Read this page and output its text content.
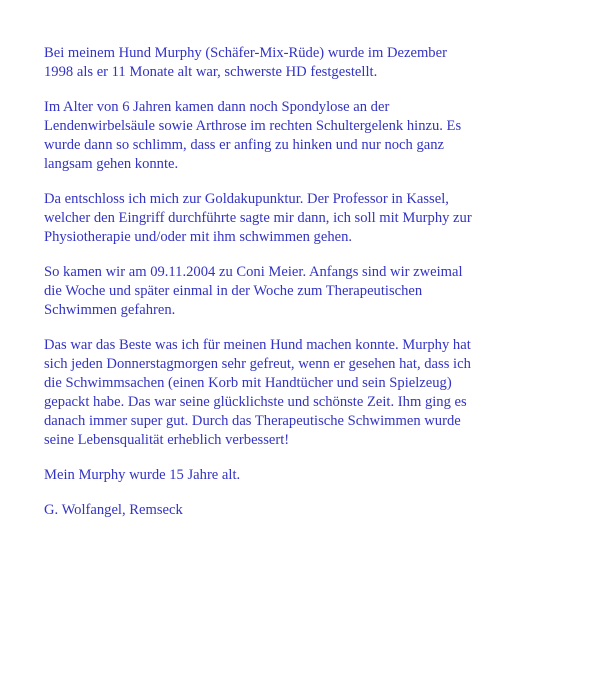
Bei meinem Hund Murphy (Schäfer-Mix-Rüde) wurde im Dezember
1998 als er 11 Monate alt war, schwerste HD festgestellt.

Im Alter von 6 Jahren kamen dann noch Spondylose an der
Lendenwirbelsäule sowie Arthrose im rechten Schultergelenk hinzu. Es
wurde dann so schlimm, dass er anfing zu hinken und nur noch ganz
langsam gehen konnte.

Da entschloss ich mich zur Goldakupunktur. Der Professor in Kassel,
welcher den Eingriff durchführte sagte mir dann, ich soll mit Murphy zur
Physiotherapie und/oder mit ihm schwimmen gehen.

So kamen wir am 09.11.2004 zu Coni Meier. Anfangs sind wir zweimal
die Woche und später einmal in der Woche zum Therapeutischen
Schwimmen gefahren.

Das war das Beste was ich für meinen Hund machen konnte. Murphy hat
sich jeden Donnerstagmorgen sehr gefreut, wenn er gesehen hat, dass ich
die Schwimmsachen (einen Korb mit Handtücher und sein Spielzeug)
gepackt habe. Das war seine glücklichste und schönste Zeit. Ihm ging es
danach immer super gut. Durch das Therapeutische Schwimmen wurde
seine Lebensqualität erheblich verbessert!

Mein Murphy wurde 15 Jahre alt.

G. Wolfangel, Remseck
